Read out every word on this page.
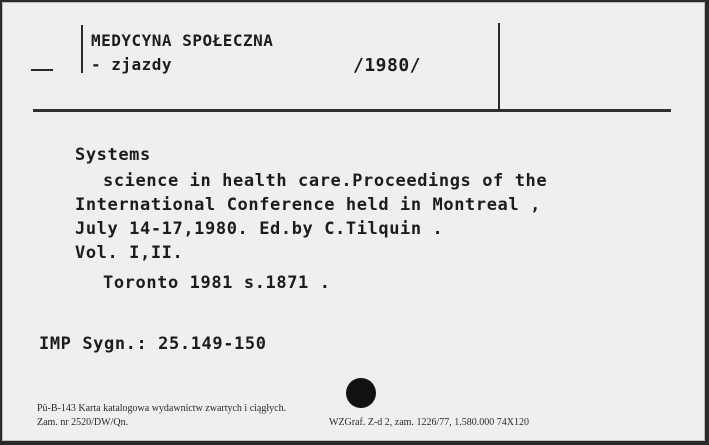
MEDYCYNA SPOŁECZNA
- zjazdy	/1980/
Systems
science in health care.Proceedings of the
International Conference held in Montreal ,
July 14-17,1980. Ed.by C.Tilquin .
Vol. I,II.
Toronto 1981 s.1871 .
IMP Sygn.: 25.149-150
Pü-B-143 Karta katalogowa wydawnictw zwartych i ciągłych.
Zam. nr 2520/DW/Qn.	WZGraf. Z-d 2, zam. 1226/77, 1.580.000 74X120
